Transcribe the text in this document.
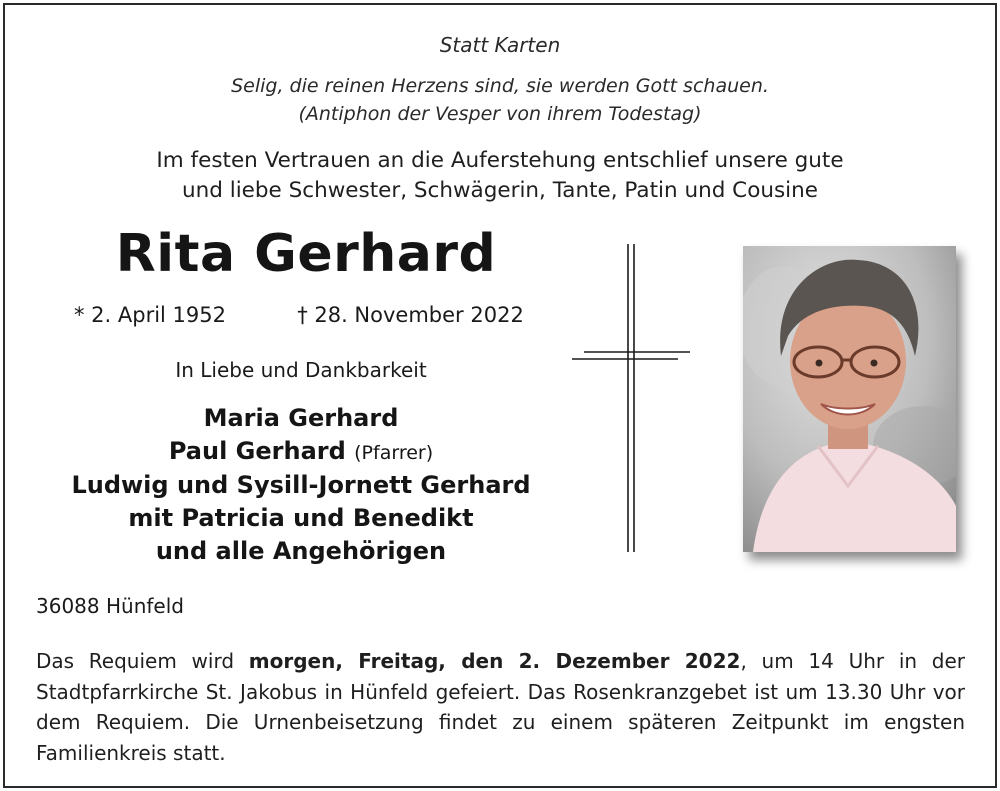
Statt Karten
Selig, die reinen Herzens sind, sie werden Gott schauen.
(Antiphon der Vesper von ihrem Todestag)
Im festen Vertrauen an die Auferstehung entschlief unsere gute
und liebe Schwester, Schwägerin, Tante, Patin und Cousine
Rita Gerhard
* 2. April 1952	† 28. November 2022
In Liebe und Dankbarkeit
Maria Gerhard
Paul Gerhard (Pfarrer)
Ludwig und Sysill-Jornett Gerhard
mit Patricia und Benedikt
und alle Angehörigen
36088 Hünfeld
Das Requiem wird morgen, Freitag, den 2. Dezember 2022, um 14 Uhr in der Stadtpfarrkirche St. Jakobus in Hünfeld gefeiert. Das Rosenkranzgebet ist um 13.30 Uhr vor dem Requiem. Die Urnenbeisetzung findet zu einem späteren Zeitpunkt im engsten Familienkreis statt.
